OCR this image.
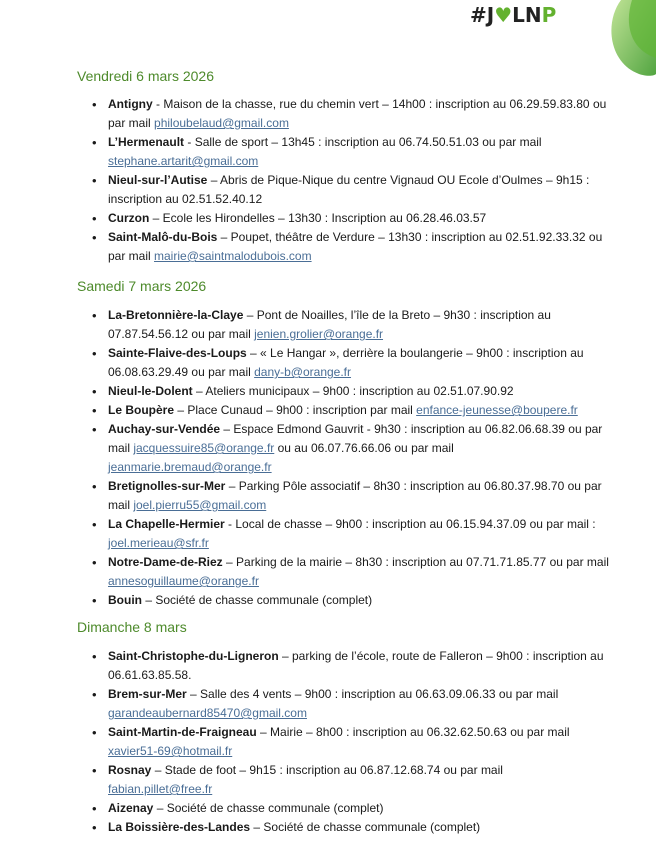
#J♥LNP
Vendredi 6 mars 2026
• Antigny - Maison de la chasse, rue du chemin vert – 14h00 : inscription au 06.29.59.83.80 ou par mail philoubelaud@gmail.com
• L’Hermenault - Salle de sport – 13h45 : inscription au 06.74.50.51.03 ou par mail stephane.artarit@gmail.com
• Nieul-sur-l’Autise – Abris de Pique-Nique du centre Vignaud OU Ecole d’Oulmes – 9h15 : inscription au 02.51.52.40.12
• Curzon – Ecole les Hirondelles – 13h30 : Inscription au 06.28.46.03.57
• Saint-Malô-du-Bois – Poupet, théâtre de Verdure – 13h30 : inscription au 02.51.92.33.32 ou par mail mairie@saintmalodubois.com
Samedi 7 mars 2026
• La-Bretonnière-la-Claye – Pont de Noailles, l’île de la Breto – 9h30 : inscription au 07.87.54.56.12 ou par mail jenien.grolier@orange.fr
• Sainte-Flaive-des-Loups – « Le Hangar », derrière la boulangerie – 9h00 : inscription au 06.08.63.29.49 ou par mail dany-b@orange.fr
• Nieul-le-Dolent – Ateliers municipaux – 9h00 : inscription au 02.51.07.90.92
• Le Boupère – Place Cunaud – 9h00 : inscription par mail enfance-jeunesse@boupere.fr
• Auchay-sur-Vendée – Espace Edmond Gauvrit - 9h30 : inscription au 06.82.06.68.39 ou par mail jacquessuire85@orange.fr ou au 06.07.76.66.06 ou par mail jeanmarie.bremaud@orange.fr
• Bretignolles-sur-Mer – Parking Pôle associatif – 8h30 : inscription au 06.80.37.98.70 ou par mail joel.pierru55@gmail.com
• La Chapelle-Hermier - Local de chasse – 9h00 : inscription au 06.15.94.37.09 ou par mail : joel.merieau@sfr.fr
• Notre-Dame-de-Riez – Parking de la mairie – 8h30 : inscription au 07.71.71.85.77 ou par mail annesoguillaume@orange.fr
• Bouin – Société de chasse communale (complet)
Dimanche 8 mars
• Saint-Christophe-du-Ligneron – parking de l’école, route de Falleron – 9h00 : inscription au 06.61.63.85.58.
• Brem-sur-Mer – Salle des 4 vents – 9h00 : inscription au 06.63.09.06.33 ou par mail garandeaubernard85470@gmail.com
• Saint-Martin-de-Fraigneau – Mairie – 8h00 : inscription au 06.32.62.50.63 ou par mail xavier51-69@hotmail.fr
• Rosnay – Stade de foot – 9h15 : inscription au 06.87.12.68.74 ou par mail fabian.pillet@free.fr
• Aizenay – Société de chasse communale (complet)
• La Boissière-des-Landes – Société de chasse communale (complet)
